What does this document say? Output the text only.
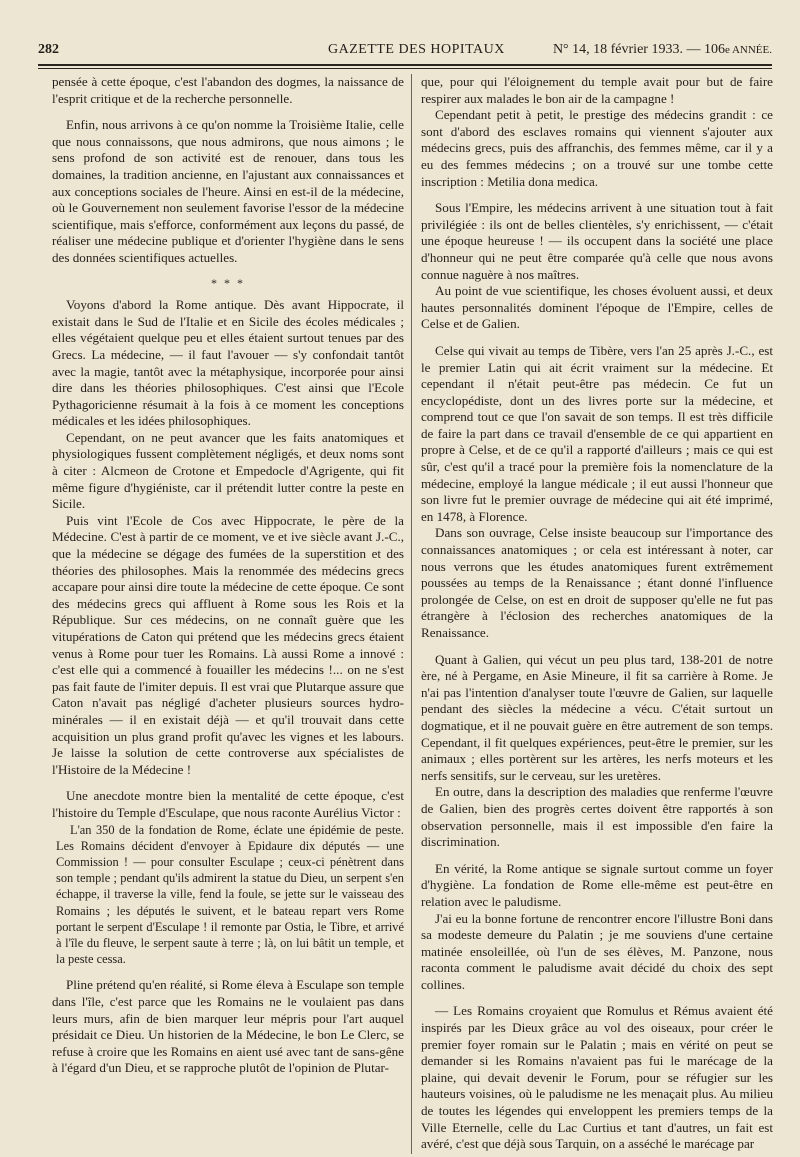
282	GAZETTE DES HOPITAUX	N° 14, 18 février 1933. — 106e ANNÉE.

pensée à cette époque, c'est l'abandon des dogmes, la naissance de l'esprit critique et de la recherche personnelle.

Enfin, nous arrivons à ce qu'on nomme la Troisième Italie, celle que nous connaissons, que nous admirons, que nous aimons ; le sens profond de son activité est de renouer, dans tous les domaines, la tradition ancienne, en l'ajustant aux connaissances et aux conceptions sociales de l'heure. Ainsi en est-il de la médecine, où le Gouvernement non seulement favorise l'essor de la médecine scientifique, mais s'efforce, conformément aux leçons du passé, de réaliser une médecine publique et d'orienter l'hygiène dans le sens des données scientifiques actuelles.

* * *

Voyons d'abord la Rome antique. Dès avant Hippocrate, il existait dans le Sud de l'Italie et en Sicile des écoles médicales ; elles végétaient quelque peu et elles étaient surtout tenues par des Grecs. La médecine, — il faut l'avouer — s'y confondait tantôt avec la magie, tantôt avec la métaphysique, incorporée pour ainsi dire dans les théories philosophiques. C'est ainsi que l'Ecole Pythagoricienne résumait à la fois à ce moment les conceptions médicales et les idées philosophiques.

Cependant, on ne peut avancer que les faits anatomiques et physiologiques fussent complètement négligés, et deux noms sont à citer : Alcmeon de Crotone et Empedocle d'Agrigente, qui fit même figure d'hygiéniste, car il prétendit lutter contre la peste en Sicile.

Puis vint l'Ecole de Cos avec Hippocrate, le père de la Médecine. C'est à partir de ce moment, ve et ive siècle avant J.-C., que la médecine se dégage des fumées de la superstition et des théories des philosophes. Mais la renommée des médecins grecs accapare pour ainsi dire toute la médecine de cette époque. Ce sont des médecins grecs qui affluent à Rome sous les Rois et la République. Sur ces médecins, on ne connaît guère que les vitupérations de Caton qui prétend que les médecins grecs étaient venus à Rome pour tuer les Romains. Là aussi Rome a innové : c'est elle qui a commencé à fouailler les médecins !... on ne s'est pas fait faute de l'imiter depuis. Il est vrai que Plutarque assure que Caton n'avait pas négligé d'acheter plusieurs sources hydro-minérales — il en existait déjà — et qu'il trouvait dans cette acquisition un plus grand profit qu'avec les vignes et les labours. Je laisse la solution de cette controverse aux spécialistes de l'Histoire de la Médecine !

Une anecdote montre bien la mentalité de cette époque, c'est l'histoire du Temple d'Esculape, que nous raconte Aurélius Victor :

L'an 350 de la fondation de Rome, éclate une épidémie de peste. Les Romains décident d'envoyer à Epidaure dix députés — une Commission ! — pour consulter Esculape ; ceux-ci pénètrent dans son temple ; pendant qu'ils admirent la statue du Dieu, un serpent s'en échappe, il traverse la ville, fend la foule, se jette sur le vaisseau des Romains ; les députés le suivent, et le bateau repart vers Rome portant le serpent d'Esculape ! il remonte par Ostia, le Tibre, et arrivé à l'île du fleuve, le serpent saute à terre ; là, on lui bâtit un temple, et la peste cessa.

Pline prétend qu'en réalité, si Rome éleva à Esculape son temple dans l'île, c'est parce que les Romains ne le voulaient pas dans leurs murs, afin de bien marquer leur mépris pour l'art auquel présidait ce Dieu. Un historien de la Médecine, le bon Le Clerc, se refuse à croire que les Romains en aient usé avec tant de sans-gêne à l'égard d'un Dieu, et se rapproche plutôt de l'opinion de Plutar-

que, pour qui l'éloignement du temple avait pour but de faire respirer aux malades le bon air de la campagne !

Cependant petit à petit, le prestige des médecins grandit : ce sont d'abord des esclaves romains qui viennent s'ajouter aux médecins grecs, puis des affranchis, des femmes même, car il y a eu des femmes médecins ; on a trouvé sur une tombe cette inscription : Metilia dona medica.

Sous l'Empire, les médecins arrivent à une situation tout à fait privilégiée : ils ont de belles clientèles, s'y enrichissent, — c'était une époque heureuse ! — ils occupent dans la société une place d'honneur qui ne peut être comparée qu'à celle que nous avons connue naguère à nos maîtres.

Au point de vue scientifique, les choses évoluent aussi, et deux hautes personnalités dominent l'époque de l'Empire, celles de Celse et de Galien.

Celse qui vivait au temps de Tibère, vers l'an 25 après J.-C., est le premier Latin qui ait écrit vraiment sur la médecine. Et cependant il n'était peut-être pas médecin. Ce fut un encyclopédiste, dont un des livres porte sur la médecine, et comprend tout ce que l'on savait de son temps. Il est très difficile de faire la part dans ce travail d'ensemble de ce qui appartient en propre à Celse, et de ce qu'il a rapporté d'ailleurs ; mais ce qui est sûr, c'est qu'il a tracé pour la première fois la nomenclature de la médecine, employé la langue médicale ; il eut aussi l'honneur que son livre fut le premier ouvrage de médecine qui ait été imprimé, en 1478, à Florence.

Dans son ouvrage, Celse insiste beaucoup sur l'importance des connaissances anatomiques ; or cela est intéressant à noter, car nous verrons que les études anatomiques furent extrêmement poussées au temps de la Renaissance ; étant donné l'influence prolongée de Celse, on est en droit de supposer qu'elle ne fut pas étrangère à l'éclosion des recherches anatomiques de la Renaissance.

Quant à Galien, qui vécut un peu plus tard, 138-201 de notre ère, né à Pergame, en Asie Mineure, il fit sa carrière à Rome. Je n'ai pas l'intention d'analyser toute l'œuvre de Galien, sur laquelle pendant des siècles la médecine a vécu. C'était surtout un dogmatique, et il ne pouvait guère en être autrement de son temps. Cependant, il fit quelques expériences, peut-être le premier, sur les animaux ; elles portèrent sur les artères, les nerfs moteurs et les nerfs sensitifs, sur le cerveau, sur les uretères.

En outre, dans la description des maladies que renferme l'œuvre de Galien, bien des progrès certes doivent être rapportés à son observation personnelle, mais il est impossible d'en faire la discrimination.

En vérité, la Rome antique se signale surtout comme un foyer d'hygiène. La fondation de Rome elle-même est peut-être en relation avec le paludisme.

J'ai eu la bonne fortune de rencontrer encore l'illustre Boni dans sa modeste demeure du Palatin ; je me souviens d'une certaine matinée ensoleillée, où l'un de ses élèves, M. Panzone, nous raconta comment le paludisme avait décidé du choix des sept collines.

— Les Romains croyaient que Romulus et Rémus avaient été inspirés par les Dieux grâce au vol des oiseaux, pour créer le premier foyer romain sur le Palatin ; mais en vérité on peut se demander si les Romains n'avaient pas fui le marécage de la plaine, qui devait devenir le Forum, pour se réfugier sur les hauteurs voisines, où le paludisme ne les menaçait plus. Au milieu de toutes les légendes qui enveloppent les premiers temps de la Ville Eternelle, celle du Lac Curtius et tant d'autres, un fait est avéré, c'est que déjà sous Tarquin, on a asséché le marécage par
